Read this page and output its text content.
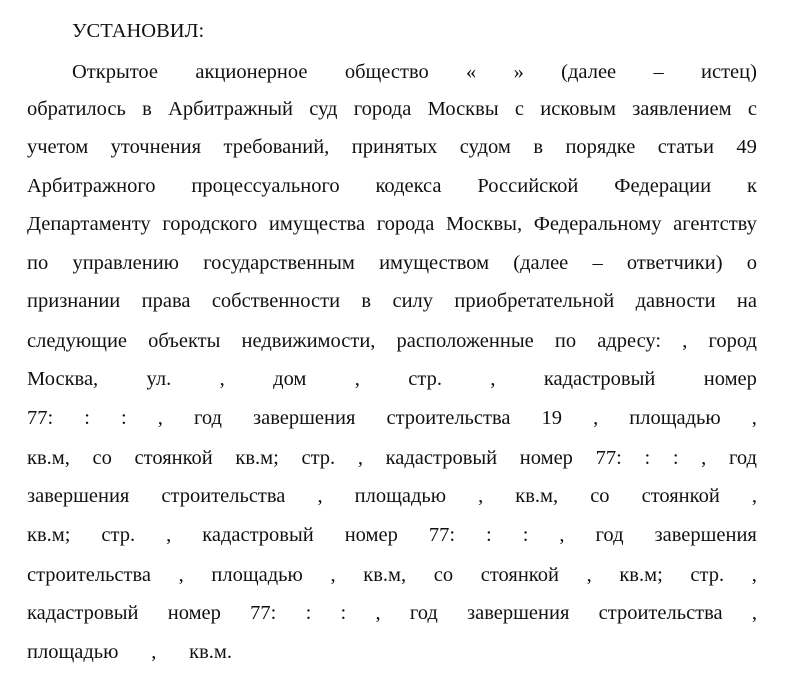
УСТАНОВИЛ:
Открытое акционерное общество « » (далее – истец)
обратилось в Арбитражный суд города Москвы с исковым заявлением с
учетом уточнения требований, принятых судом в порядке статьи 49
Арбитражного процессуального кодекса Российской Федерации к
Департаменту городского имущества города Москвы, Федеральному агентству
по управлению государственным имуществом (далее – ответчики) о
признании права собственности в силу приобретательной давности на
следующие объекты недвижимости, расположенные по адресу: , город
Москва, ул. , дом , стр. , кадастровый номер
77: : : , год завершения строительства 19 , площадью ,
кв.м, со стоянкой кв.м; стр. , кадастровый номер 77: : : , год
завершения строительства , площадью , кв.м, со стоянкой ,
кв.м; стр. , кадастровый номер 77: : : , год завершения
строительства , площадью , кв.м, со стоянкой , кв.м; стр. ,
кадастровый номер 77: : : , год завершения строительства ,
площадью , кв.м.
